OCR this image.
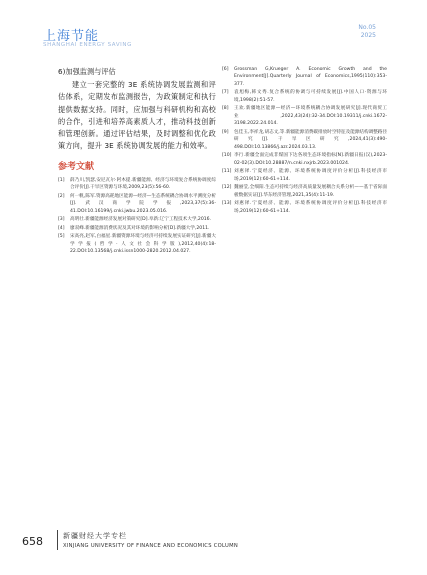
上海节能
SHANGHAI ENERGY SAVING
No.05
2025
6)加强监测与评估

建立一套完整的 3E 系统协调发展监测和评估体系，定期发布监测报告，为政策制定和执行提供数据支持。同时，应加强与科研机构和高校的合作，引进和培养高素质人才，推动科技创新和管理创新。通过评估结果，及时调整和优化政策方向，提升 3E 系统协调发展的能力和效率。

参考文献
[1]	薛乃川,凯瑟,安尼瓦尔·阿木提.新疆能源、经济与环境复合系统协调度综合评价[J].干旱区资源与环境,2009,23(5):56-60.
[2]	何一帆,陈军.资源高耗地区能源—经济—生态系统耦合协调水平测度分析[J].武汉商学院学报,2023,37(5):36-41.DOI:10.16199/j.cnki.jwbu.2023.05.016.
[3]	高明壮.新疆能源经济发展对策研究[D].阜新:辽宁工程技术大学,2016.
[4]	廖双峰.新疆能源消费状况及其对环境的影响分析[D].新疆大学,2011.
[5]	宋高亮,赵军,白福星.新疆资源环境与经济可持续发展实证研究[J].新疆大学学报(哲学·人文社会科学版),2012,40(4):18-22.DOI:10.13568/j.cnki.issn1000-2820.2012.04.027.
[6]	Grossman G,Krueger A. Economic Growth and the Environment[J].Quarterly Journal of Economics,1995(110):353-377.
[7]	袁旭梅,韩文秀.复合系统的协调与可持续发展[J].中国人口·资源与环境,1998(2):51-57.
[8]	王欢.新疆地区能源—经济—环境系统耦合协调发展研究[J].现代商贸工业,2022,43(24):32-34.DOI:10.19311/j.cnki.1672-3198.2022.24.014.
[9]	包佳玉,李祥龙,胡志文,等.新疆能源消费碳排放时空特征及能源结构调整路径研究[J].干旱区研究,2024,41(3):490-498.DOI:10.13866/j.azr.2024.03.13.
[10] 李行.新疆全面完成非煤国下达各项生态环境指标[N].新疆日报(汉),2023-02-02(3).DOI:10.28887/n.cnki.nxjrb.2023.001024.
[11] 刘惠铎.宁夏经济、能源、环境系统协调度评价分析[J].科技经济市场,2019(12):60-61+114.
[12] 魏丽莹,全细阳.生态可持续与经济高质量发展耦合关系分析——基于省际面板数据实证[J].华东经济管理,2021,35(4):11-19.
[13] 刘惠铎.宁夏经济、能源、环境系统协调度评价分析[J].科技经济市场,2019(12):60-61+114.
658	新疆财经大学专栏
XINJIANG UNIVERSITY OF FINANCE AND ECONOMICS COLUMN
